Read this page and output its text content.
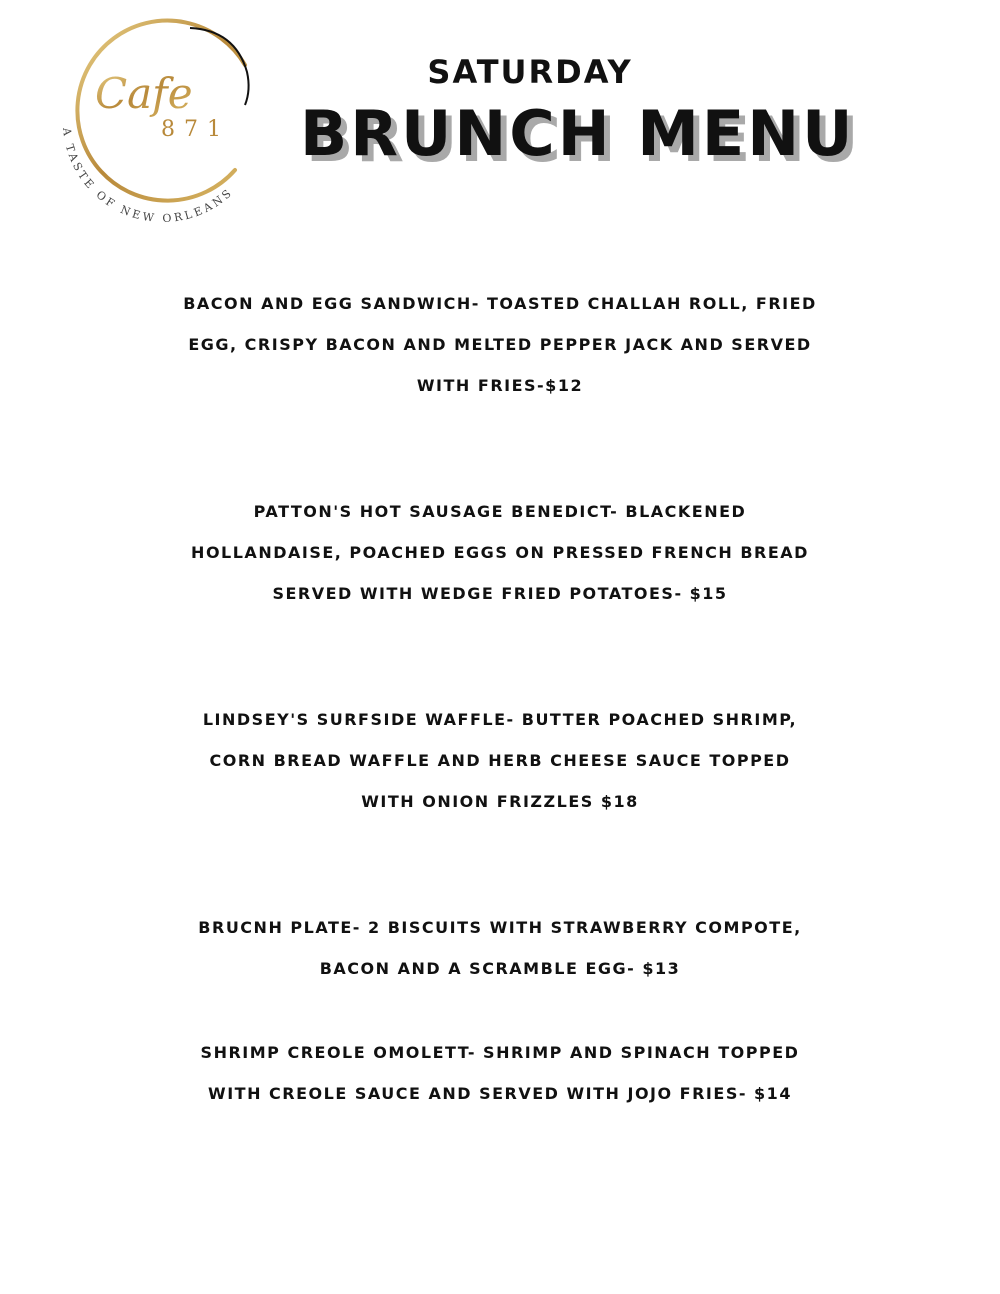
Cafe
871
A TASTE OF NEW ORLEANS
SATURDAY
BRUNCH MENU
BACON AND EGG SANDWICH- TOASTED CHALLAH ROLL, FRIED
EGG, CRISPY BACON AND MELTED PEPPER JACK AND SERVED
WITH FRIES-$12
PATTON'S HOT SAUSAGE BENEDICT- BLACKENED
HOLLANDAISE, POACHED EGGS ON PRESSED FRENCH BREAD
SERVED WITH WEDGE FRIED POTATOES- $15
LINDSEY'S SURFSIDE WAFFLE- BUTTER POACHED SHRIMP,
CORN BREAD WAFFLE AND HERB CHEESE SAUCE TOPPED
WITH ONION FRIZZLES $18
BRUCNH PLATE- 2 BISCUITS WITH STRAWBERRY COMPOTE,
BACON AND A SCRAMBLE EGG- $13
SHRIMP CREOLE OMOLETT- SHRIMP AND SPINACH TOPPED
WITH CREOLE SAUCE AND SERVED WITH JOJO FRIES- $14
